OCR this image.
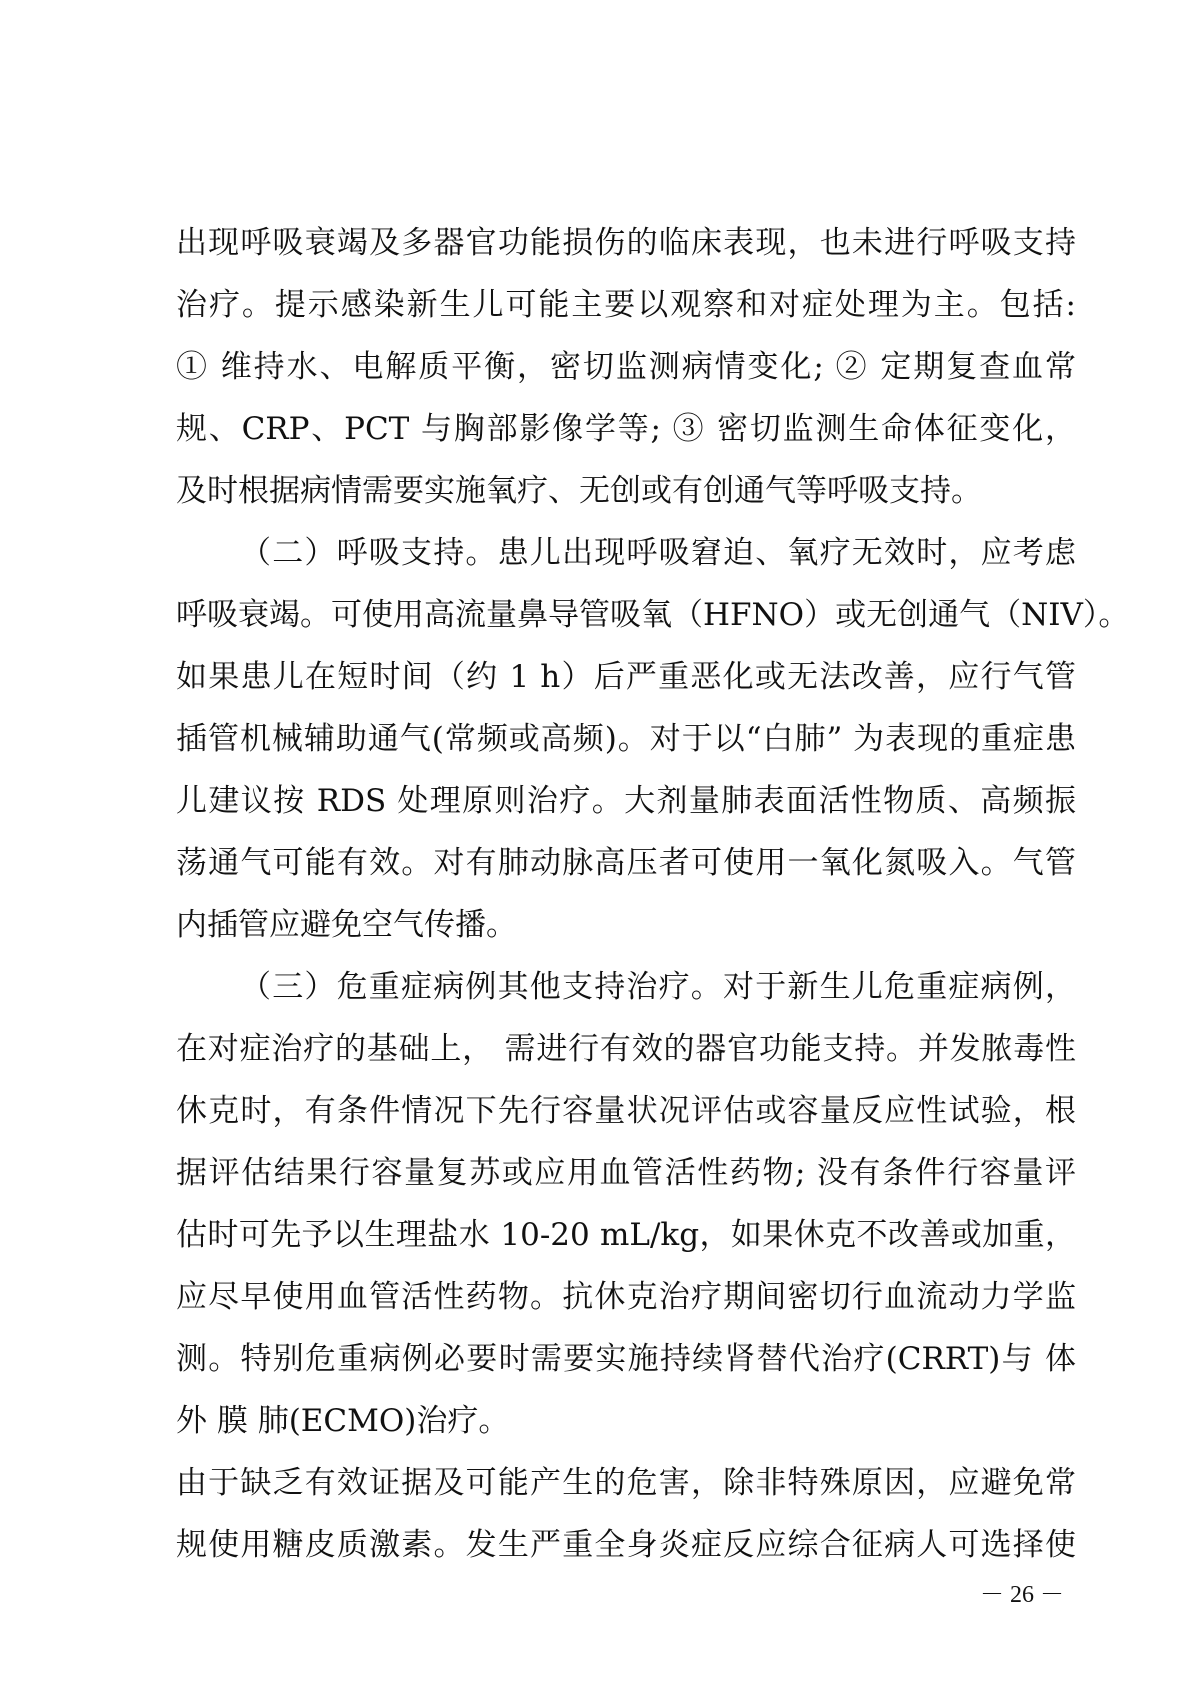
出现呼吸衰竭及多器官功能损伤的临床表现，也未进行呼吸支持
治疗。提示感染新生儿可能主要以观察和对症处理为主。包括:
① 维持水、电解质平衡，密切监测病情变化; ② 定期复查血常
规、CRP、PCT 与胸部影像学等; ③ 密切监测生命体征变化，
及时根据病情需要实施氧疗、无创或有创通气等呼吸支持。
（二）呼吸支持。患儿出现呼吸窘迫、氧疗无效时，应考虑
呼吸衰竭。可使用高流量鼻导管吸氧（HFNO）或无创通气（NIV）。
如果患儿在短时间（约 1 h）后严重恶化或无法改善，应行气管
插管机械辅助通气(常频或高频)。对于以“白肺” 为表现的重症患
儿建议按 RDS 处理原则治疗。大剂量肺表面活性物质、高频振
荡通气可能有效。对有肺动脉高压者可使用一氧化氮吸入。气管
内插管应避免空气传播。
（三）危重症病例其他支持治疗。对于新生儿危重症病例，
在对症治疗的基础上， 需进行有效的器官功能支持。并发脓毒性
休克时，有条件情况下先行容量状况评估或容量反应性试验，根
据评估结果行容量复苏或应用血管活性药物; 没有条件行容量评
估时可先予以生理盐水 10-20 mL/kg，如果休克不改善或加重，
应尽早使用血管活性药物。抗休克治疗期间密切行血流动力学监
测。特别危重病例必要时需要实施持续肾替代治疗(CRRT)与 体
外 膜 肺(ECMO)治疗。
由于缺乏有效证据及可能产生的危害，除非特殊原因，应避免常
规使用糖皮质激素。发生严重全身炎症反应综合征病人可选择使
－ 26 －
